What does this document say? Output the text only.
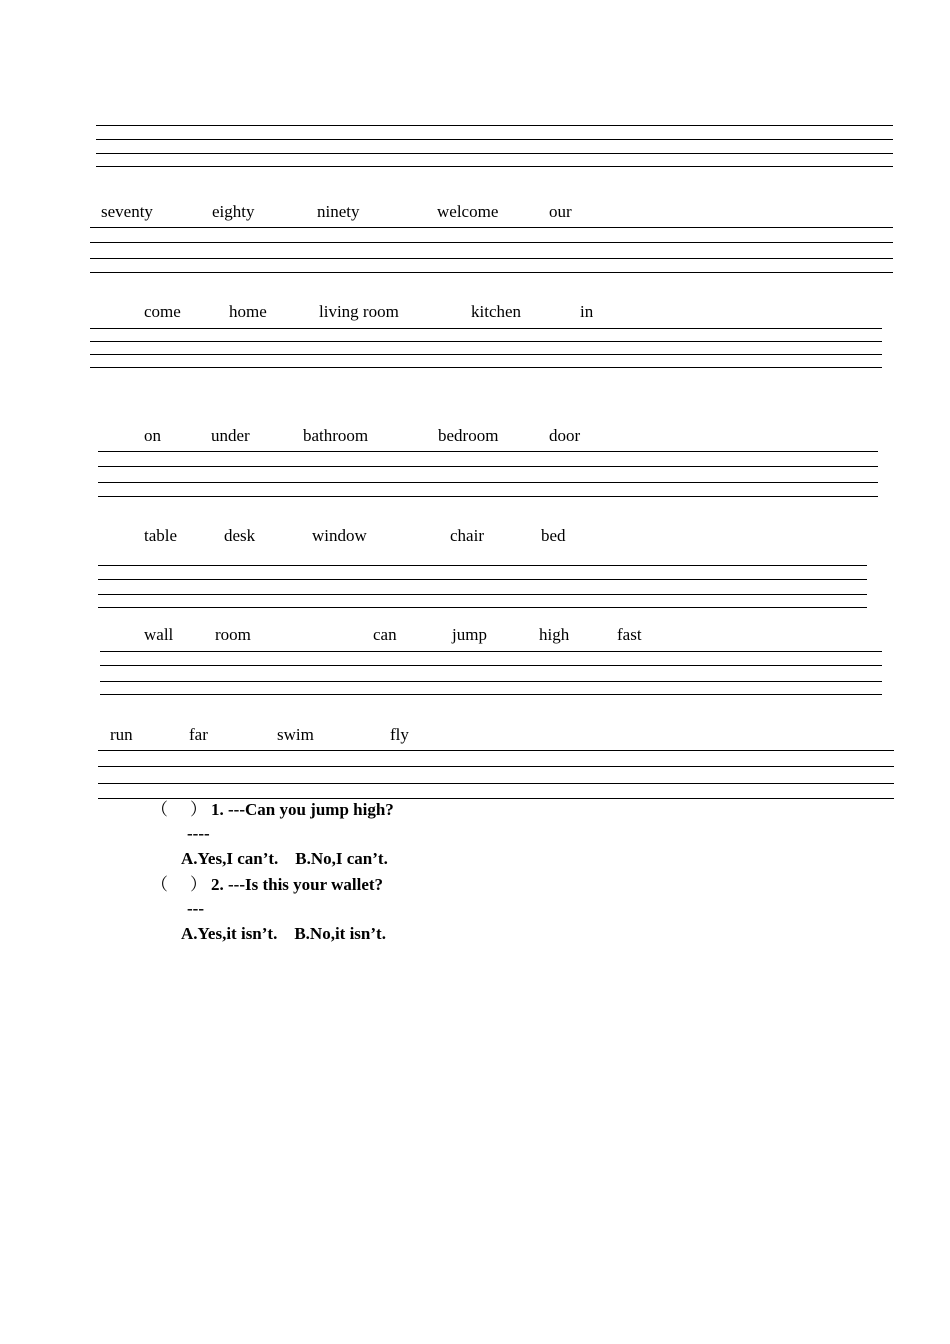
seventy	eighty	ninety	welcome	our
come	home	living room	kitchen	in
on	under	bathroom	bedroom	door
table	desk	window	chair	bed
wall room	can	jump	high	fast
run	far	swim	fly
（ ） 1. ---Can you jump high?
----
A.Yes,I can’t.    B.No,I can’t.
（ ） 2. ---Is this your wallet?
---
A.Yes,it isn’t.    B.No,it isn’t.
